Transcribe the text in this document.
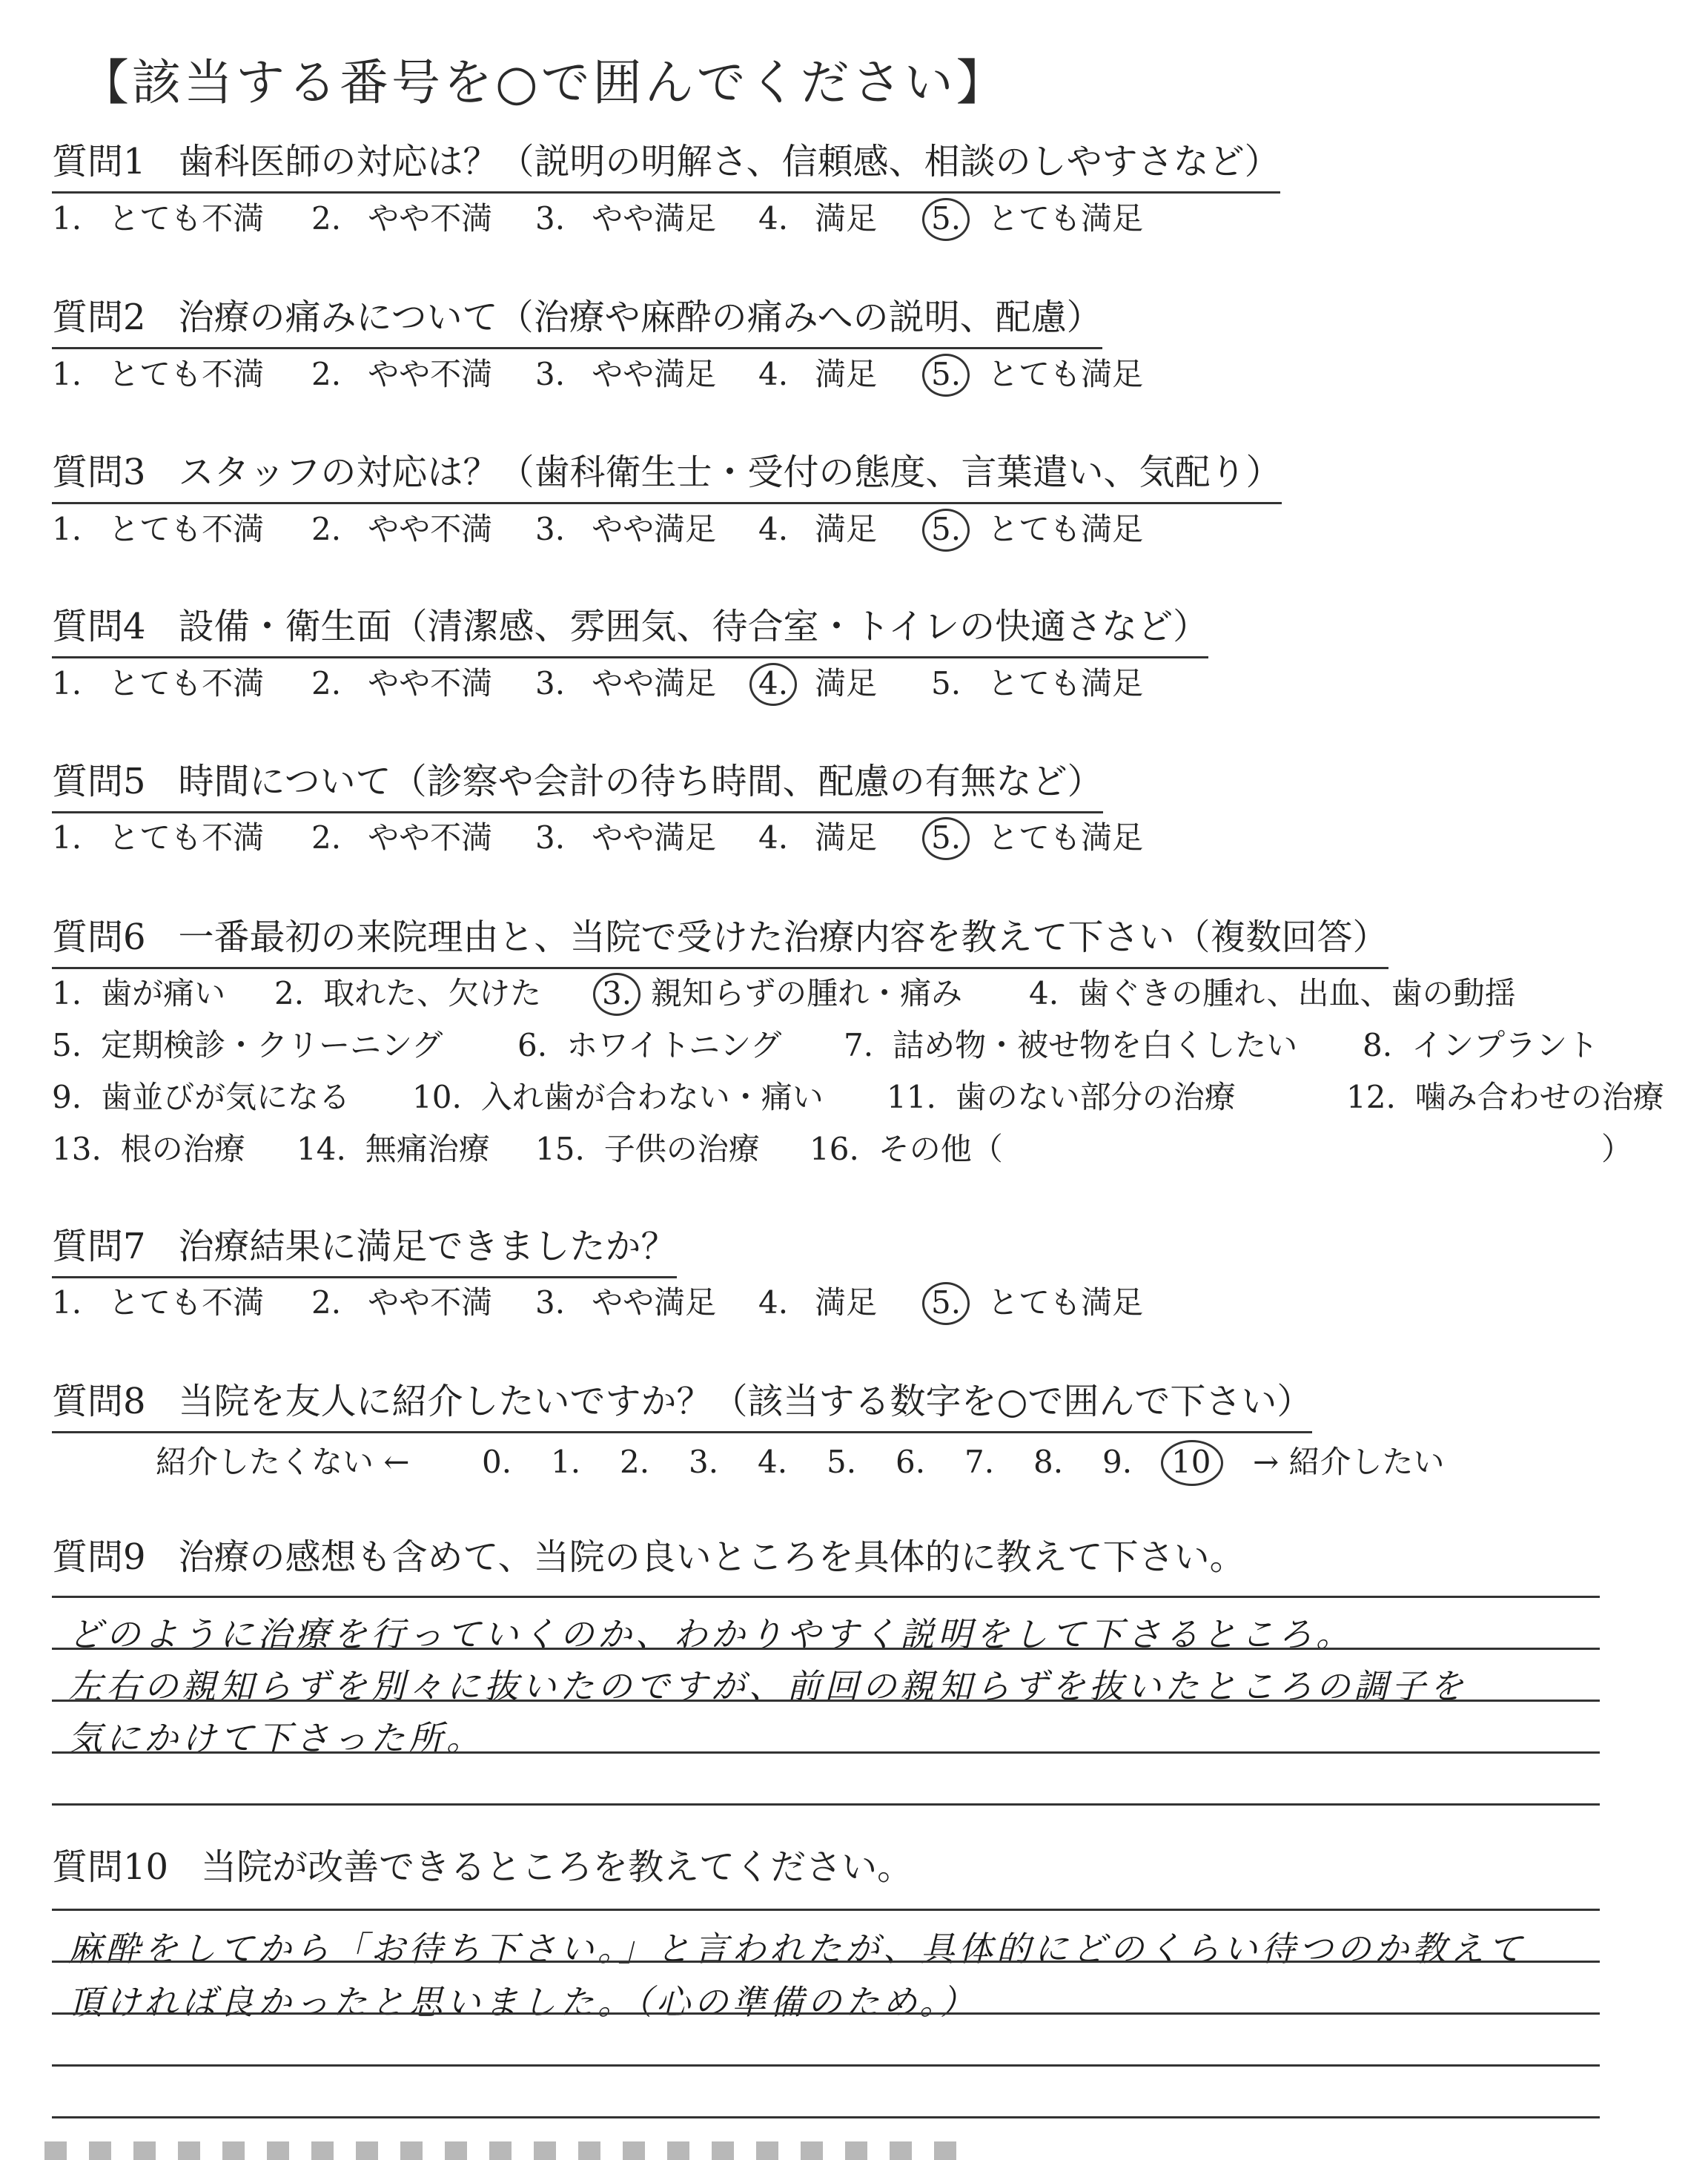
【該当する番号を○で囲んでください】
質問1 歯科医師の対応は？（説明の明解さ、信頼感、相談のしやすさなど）
1. とても不満 2. やや不満 3. やや満足 4. 満足 5. とても満足
質問2 治療の痛みについて（治療や麻酔の痛みへの説明、配慮）
1. とても不満 2. やや不満 3. やや満足 4. 満足 5. とても満足
質問3 スタッフの対応は？（歯科衛生士・受付の態度、言葉遣い、気配り）
1. とても不満 2. やや不満 3. やや満足 4. 満足 5. とても満足
質問4 設備・衛生面（清潔感、雰囲気、待合室・トイレの快適さなど）
1. とても不満 2. やや不満 3. やや満足 4. 満足 5. とても満足
質問5 時間について（診察や会計の待ち時間、配慮の有無など）
1. とても不満 2. やや不満 3. やや満足 4. 満足 5. とても満足
質問6 一番最初の来院理由と、当院で受けた治療内容を教えて下さい（複数回答）
1. 歯が痛い 2. 取れた、欠けた 3. 親知らずの腫れ・痛み 4. 歯ぐきの腫れ、出血、歯の動揺
5. 定期検診・クリーニング 6. ホワイトニング 7. 詰め物・被せ物を白くしたい 8. インプラント
9. 歯並びが気になる 10. 入れ歯が合わない・痛い 11. 歯のない部分の治療	12. 噛み合わせの治療
13. 根の治療 14. 無痛治療 15. 子供の治療 16. その他（	）
質問7 治療結果に満足できましたか？
1. とても不満 2. やや不満 3. やや満足 4. 満足 5. とても満足
質問8 当院を友人に紹介したいですか？（該当する数字を○で囲んで下さい）
紹介したくない ← 0. 1. 2. 3. 4. 5. 6. 7. 8. 9. 10 → 紹介したい
質問9 治療の感想も含めて、当院の良いところを具体的に教えて下さい。
どのように治療を行っていくのか、わかりやすく説明をして下さるところ。
左右の親知らずを別々に抜いたのですが、前回の親知らずを抜いたところの調子を
気にかけて下さった所。
質問10 当院が改善できるところを教えてください。
麻酔をしてから「お待ち下さい。」と言われたが、具体的にどのくらい待つのか教えて
頂ければ良かったと思いました。（心の準備のため。）
